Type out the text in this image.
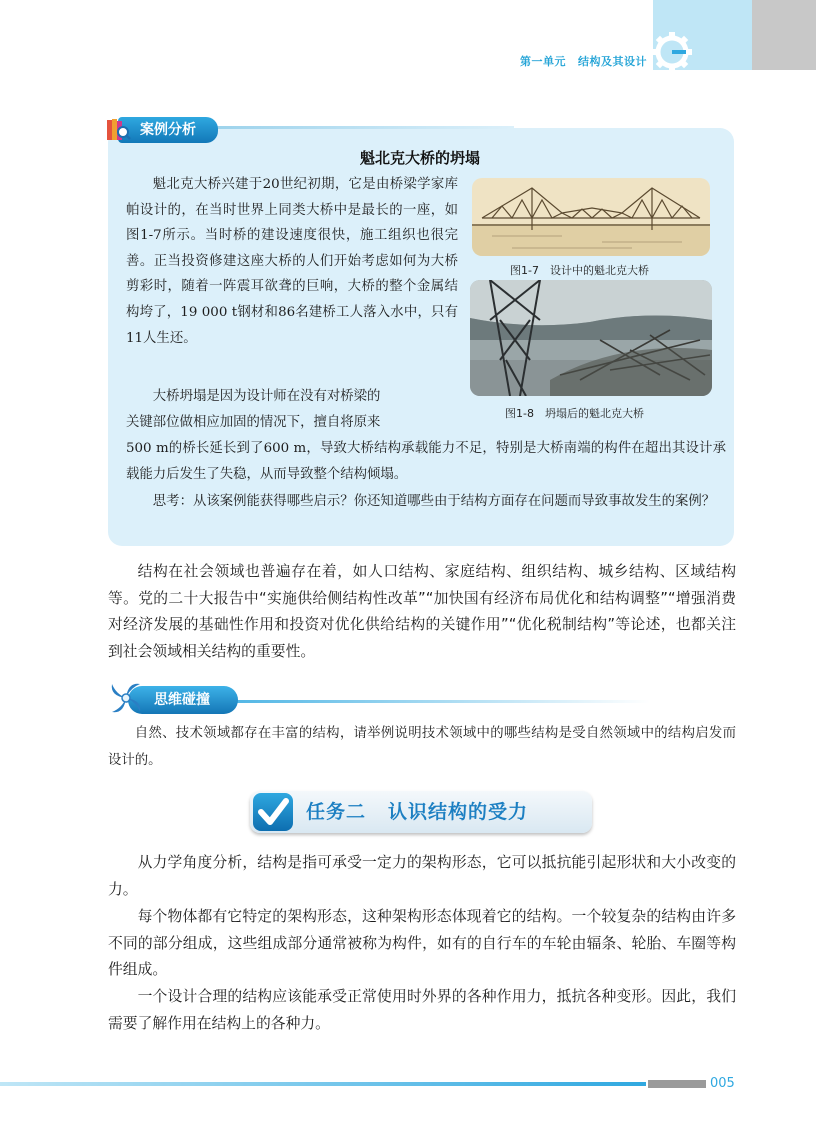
第一单元 结构及其设计
案例分析
魁北克大桥的坍塌
魁北克大桥兴建于20世纪初期，它是由桥梁学家库帕设计的，在当时世界上同类大桥中是最长的一座，如图1-7所示。当时桥的建设速度很快，施工组织也很完善。正当投资修建这座大桥的人们开始考虑如何为大桥剪彩时，随着一阵震耳欲聋的巨响，大桥的整个金属结构垮了，19 000 t钢材和86名建桥工人落入水中，只有11人生还。
大桥坍塌是因为设计师在没有对桥梁的
关键部位做相应加固的情况下，擅自将原来
500 m的桥长延长到了600 m，导致大桥结构承载能力不足，特别是大桥南端的构件在超出其设计承载能力后发生了失稳，从而导致整个结构倾塌。
思考：从该案例能获得哪些启示？你还知道哪些由于结构方面存在问题而导致事故发生的案例？
图1-7　设计中的魁北克大桥
图1-8　坍塌后的魁北克大桥
结构在社会领域也普遍存在着，如人口结构、家庭结构、组织结构、城乡结构、区域结构等。党的二十大报告中“实施供给侧结构性改革”“加快国有经济布局优化和结构调整”“增强消费对经济发展的基础性作用和投资对优化供给结构的关键作用”“优化税制结构”等论述，也都关注到社会领域相关结构的重要性。
思维碰撞
自然、技术领域都存在丰富的结构，请举例说明技术领域中的哪些结构是受自然领域中的结构启发而设计的。
任务二 认识结构的受力
从力学角度分析，结构是指可承受一定力的架构形态，它可以抵抗能引起形状和大小改变的力。
每个物体都有它特定的架构形态，这种架构形态体现着它的结构。一个较复杂的结构由许多不同的部分组成，这些组成部分通常被称为构件，如有的自行车的车轮由辐条、轮胎、车圈等构件组成。
一个设计合理的结构应该能承受正常使用时外界的各种作用力，抵抗各种变形。因此，我们需要了解作用在结构上的各种力。
005
